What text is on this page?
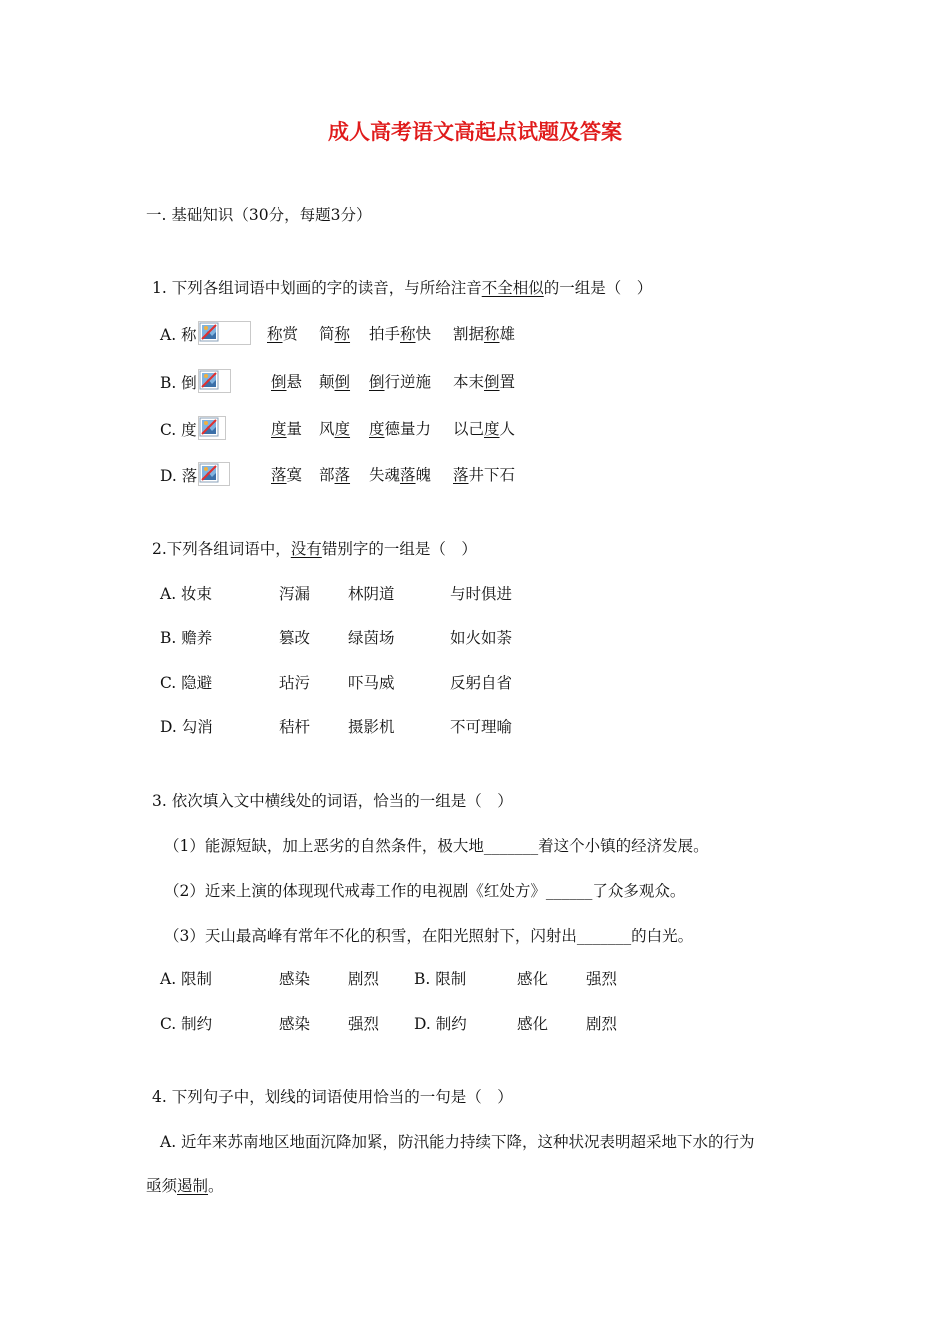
成人高考语文高起点试题及答案
一. 基础知识（30分，每题3分）
1. 下列各组词语中划画的字的读音，与所给注音不全相似的一组是（　）
A. 称	称赏 简称 拍手称快 割据称雄
B. 倒	倒悬 颠倒 倒行逆施 本末倒置
C. 度	度量 风度 度德量力 以己度人
D. 落	落寞 部落 失魂落魄 落井下石
2.下列各组词语中，没有错别字的一组是（　）
A. 妆束	泻漏 林阴道	与时俱进
B. 赡养	篡改 绿茵场	如火如荼
C. 隐避	玷污 吓马威	反躬自省
D. 勾消	秸杆 摄影机	不可理喻
3. 依次填入文中横线处的词语，恰当的一组是（　）
（1）能源短缺，加上恶劣的自然条件，极大地_______着这个小镇的经济发展。
（2）近来上演的体现现代戒毒工作的电视剧《红处方》______了众多观众。
（3）天山最高峰有常年不化的积雪，在阳光照射下，闪射出_______的白光。
A. 限制	感染 剧烈 B. 限制	感化 强烈
C. 制约	感染 强烈 D. 制约	感化 剧烈
4. 下列句子中，划线的词语使用恰当的一句是（　）
A. 近年来苏南地区地面沉降加紧，防汛能力持续下降，这种状况表明超采地下水的行为
亟须遏制。
